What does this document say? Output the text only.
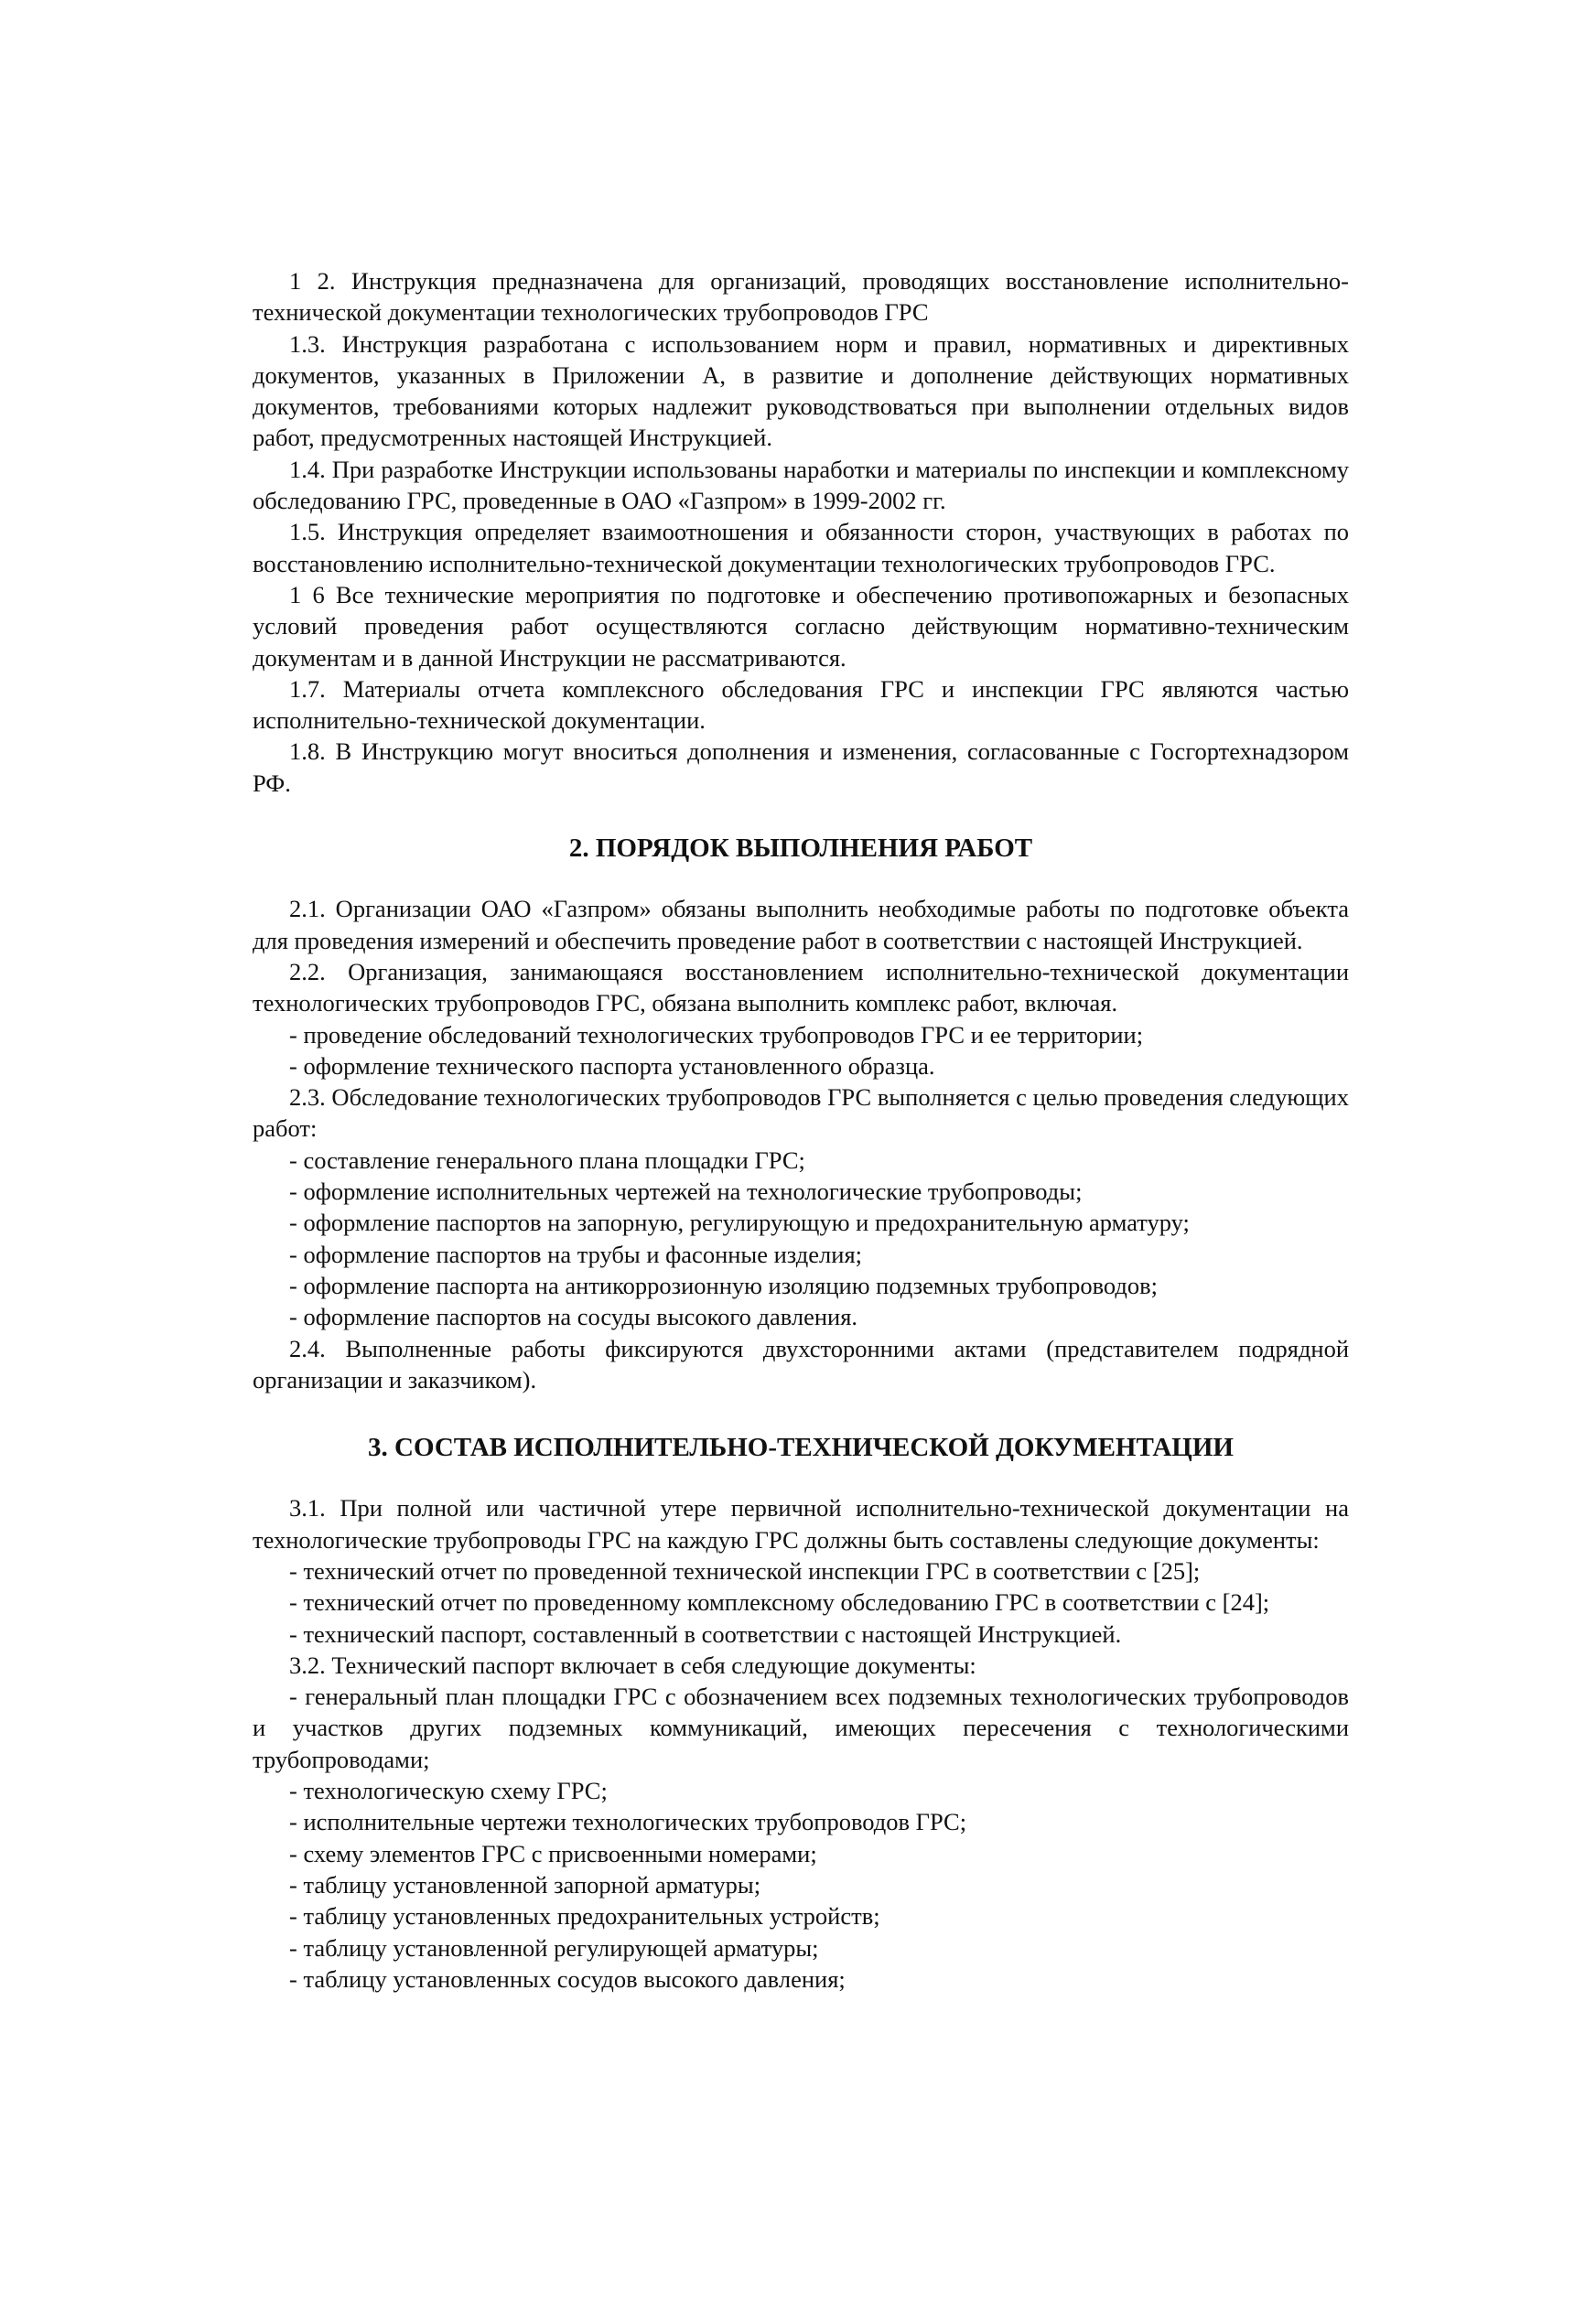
1 2. Инструкция предназначена для организаций, проводящих восстановление исполнительно-технической документации технологических трубопроводов ГРС

1.3. Инструкция разработана с использованием норм и правил, нормативных и директивных документов, указанных в Приложении А, в развитие и дополнение действующих нормативных документов, требованиями которых надлежит руководствоваться при выполнении отдельных видов работ, предусмотренных настоящей Инструкцией.

1.4. При разработке Инструкции использованы наработки и материалы по инспекции и комплексному обследованию ГРС, проведенные в ОАО «Газпром» в 1999-2002 гг.

1.5. Инструкция определяет взаимоотношения и обязанности сторон, участвующих в работах по восстановлению исполнительно-технической документации технологических трубопроводов ГРС.

1 6 Все технические мероприятия по подготовке и обеспечению противопожарных и безопасных условий проведения работ осуществляются согласно действующим нормативно-техническим документам и в данной Инструкции не рассматриваются.

1.7. Материалы отчета комплексного обследования ГРС и инспекции ГРС являются частью исполнительно-технической документации.

1.8. В Инструкцию могут вноситься дополнения и изменения, согласованные с Госгортехнадзором РФ.

2. ПОРЯДОК ВЫПОЛНЕНИЯ РАБОТ

2.1. Организации ОАО «Газпром» обязаны выполнить необходимые работы по подготовке объекта для проведения измерений и обеспечить проведение работ в соответствии с настоящей Инструкцией.

2.2. Организация, занимающаяся восстановлением исполнительно-технической документации технологических трубопроводов ГРС, обязана выполнить комплекс работ, включая.

- проведение обследований технологических трубопроводов ГРС и ее территории;

- оформление технического паспорта установленного образца.

2.3. Обследование технологических трубопроводов ГРС выполняется с целью проведения следующих работ:

- составление генерального плана площадки ГРС;

- оформление исполнительных чертежей на технологические трубопроводы;

- оформление паспортов на запорную, регулирующую и предохранительную арматуру;

- оформление паспортов на трубы и фасонные изделия;

- оформление паспорта на антикоррозионную изоляцию подземных трубопроводов;

- оформление паспортов на сосуды высокого давления.

2.4. Выполненные работы фиксируются двухсторонними актами (представителем подрядной организации и заказчиком).

3. СОСТАВ ИСПОЛНИТЕЛЬНО-ТЕХНИЧЕСКОЙ ДОКУМЕНТАЦИИ

3.1. При полной или частичной утере первичной исполнительно-технической документации на технологические трубопроводы ГРС на каждую ГРС должны быть составлены следующие документы:

- технический отчет по проведенной технической инспекции ГРС в соответствии с [25];

- технический отчет по проведенному комплексному обследованию ГРС в соответствии с [24];

- технический паспорт, составленный в соответствии с настоящей Инструкцией.

3.2. Технический паспорт включает в себя следующие документы:

- генеральный план площадки ГРС с обозначением всех подземных технологических трубопроводов и участков других подземных коммуникаций, имеющих пересечения с технологическими трубопроводами;

- технологическую схему ГРС;

- исполнительные чертежи технологических трубопроводов ГРС;

- схему элементов ГРС с присвоенными номерами;

- таблицу установленной запорной арматуры;

- таблицу установленных предохранительных устройств;

- таблицу установленной регулирующей арматуры;

- таблицу установленных сосудов высокого давления;
